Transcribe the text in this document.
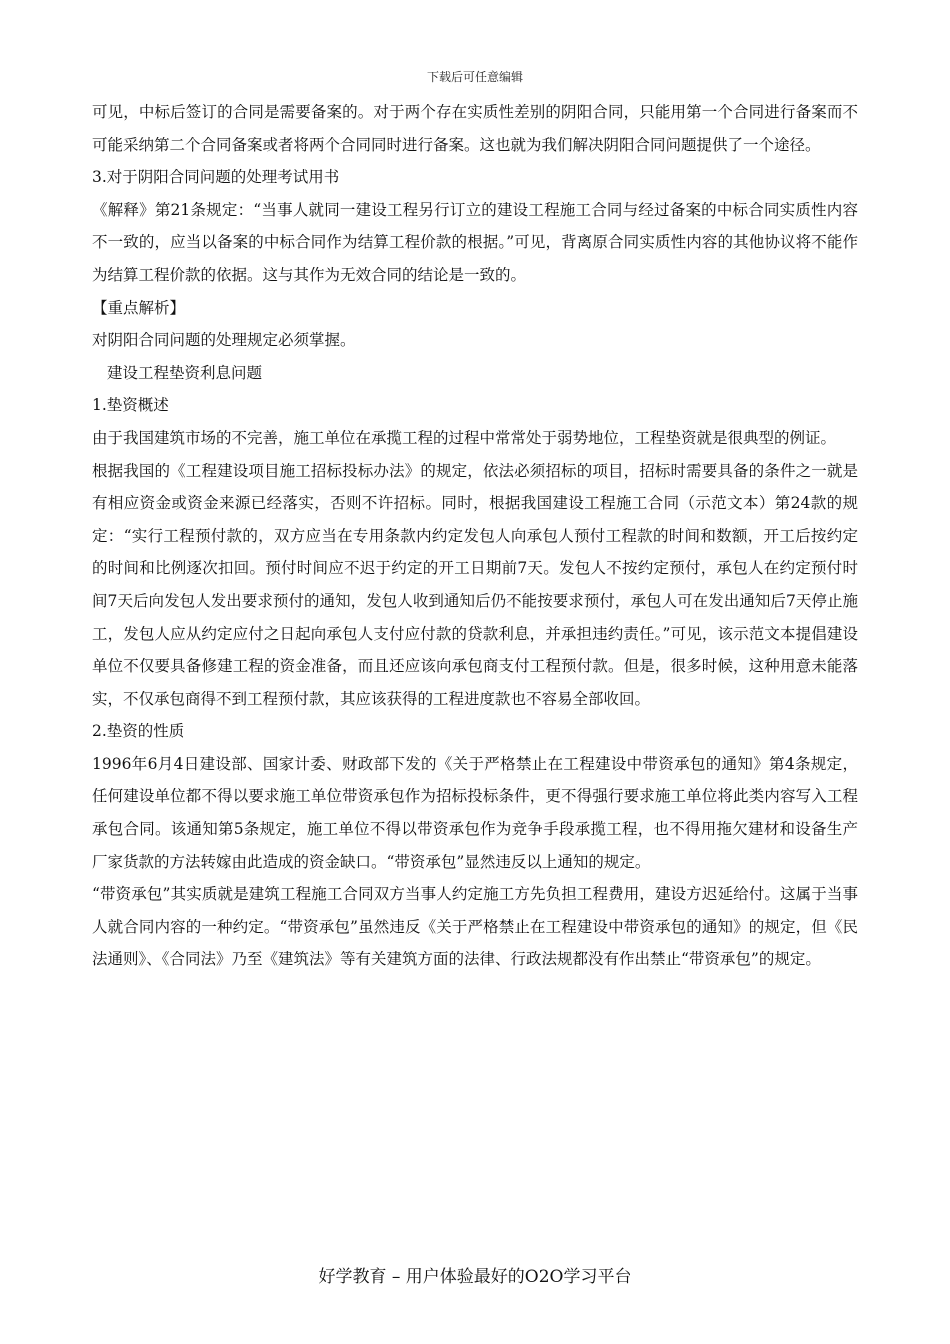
下载后可任意编辑

可见，中标后签订的合同是需要备案的。对于两个存在实质性差别的阴阳合同，只能用第一个合同进行备案而不可能采纳第二个合同备案或者将两个合同同时进行备案。这也就为我们解决阴阳合同问题提供了一个途径。

3.对于阴阳合同问题的处理考试用书

《解释》第21条规定：“当事人就同一建设工程另行订立的建设工程施工合同与经过备案的中标合同实质性内容不一致的，应当以备案的中标合同作为结算工程价款的根据。”可见，背离原合同实质性内容的其他协议将不能作为结算工程价款的依据。这与其作为无效合同的结论是一致的。

【重点解析】

对阴阳合同问题的处理规定必须掌握。

建设工程垫资利息问题

1.垫资概述

由于我国建筑市场的不完善，施工单位在承揽工程的过程中常常处于弱势地位，工程垫资就是很典型的例证。

根据我国的《工程建设项目施工招标投标办法》的规定，依法必须招标的项目，招标时需要具备的条件之一就是有相应资金或资金来源已经落实，否则不许招标。同时，根据我国建设工程施工合同（示范文本）第24款的规定：“实行工程预付款的，双方应当在专用条款内约定发包人向承包人预付工程款的时间和数额，开工后按约定的时间和比例逐次扣回。预付时间应不迟于约定的开工日期前7天。发包人不按约定预付，承包人在约定预付时间7天后向发包人发出要求预付的通知，发包人收到通知后仍不能按要求预付，承包人可在发出通知后7天停止施工，发包人应从约定应付之日起向承包人支付应付款的贷款利息，并承担违约责任。”可见，该示范文本提倡建设单位不仅要具备修建工程的资金准备，而且还应该向承包商支付工程预付款。但是，很多时候，这种用意未能落实，不仅承包商得不到工程预付款，其应该获得的工程进度款也不容易全部收回。

2.垫资的性质

1996年6月4日建设部、国家计委、财政部下发的《关于严格禁止在工程建设中带资承包的通知》第4条规定，任何建设单位都不得以要求施工单位带资承包作为招标投标条件，更不得强行要求施工单位将此类内容写入工程承包合同。该通知第5条规定，施工单位不得以带资承包作为竞争手段承揽工程，也不得用拖欠建材和设备生产厂家货款的方法转嫁由此造成的资金缺口。“带资承包”显然违反以上通知的规定。

“带资承包”其实质就是建筑工程施工合同双方当事人约定施工方先负担工程费用，建设方迟延给付。这属于当事人就合同内容的一种约定。“带资承包”虽然违反《关于严格禁止在工程建设中带资承包的通知》的规定，但《民法通则》、《合同法》乃至《建筑法》等有关建筑方面的法律、行政法规都没有作出禁止“带资承包”的规定。

好学教育 – 用户体验最好的O2O学习平台
